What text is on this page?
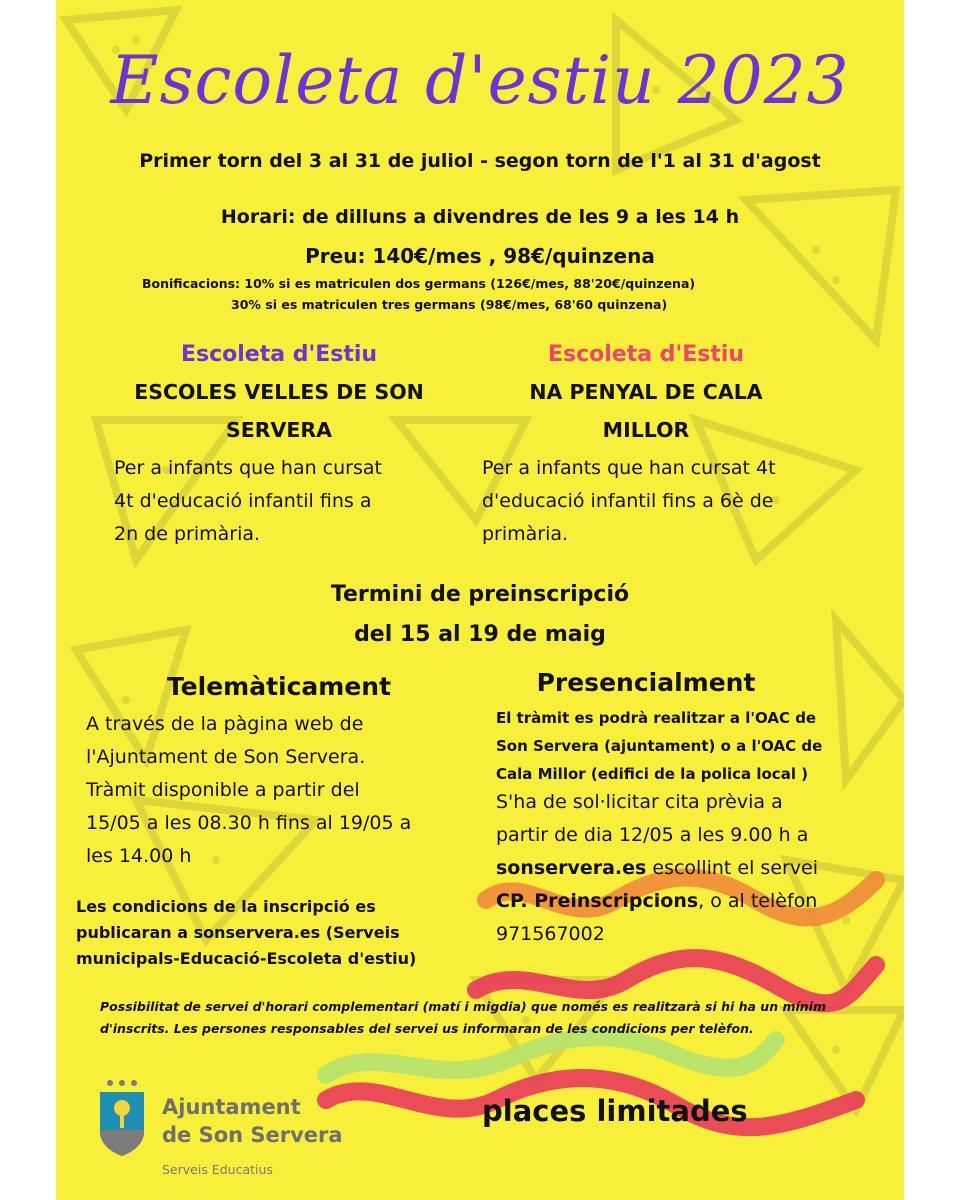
Escoleta d'estiu 2023
Primer torn del 3 al 31 de juliol - segon torn de l'1 al 31 d'agost
Horari: de dilluns a divendres de les 9 a les 14 h
Preu: 140€/mes , 98€/quinzena
Bonificacions: 10% si es matriculen dos germans (126€/mes, 88'20€/quinzena)
30% si es matriculen tres germans (98€/mes, 68'60 quinzena)
Escoleta d'Estiu
ESCOLES VELLES DE SON
SERVERA
Per a infants que han cursat
4t d'educació infantil fins a
2n de primària.
Escoleta d'Estiu
NA PENYAL DE CALA
MILLOR
Per a infants que han cursat 4t
d'educació infantil fins a 6è de
primària.
Termini de preinscripció
del 15 al 19 de maig
Telemàticament
A través de la pàgina web de
l'Ajuntament de Son Servera.
Tràmit disponible a partir del
15/05 a les 08.30 h fins al 19/05 a
les 14.00 h
Les condicions de la inscripció es
publicaran a sonservera.es (Serveis
municipals-Educació-Escoleta d'estiu)
Presencialment
El tràmit es podrà realitzar a l'OAC de
Son Servera (ajuntament) o a l'OAC de
Cala Millor (edifici de la polica local )
S'ha de sol·licitar cita prèvia a
partir de dia 12/05 a les 9.00 h a
sonservera.es escollint el servei
CP. Preinscripcions, o al telèfon
971567002
Possibilitat de servei d'horari complementari (matí i migdia) que només es realitzarà si hi ha un mínim
d'inscrits. Les persones responsables del servei us informaran de les condicions per telèfon.
Ajuntament
de Son Servera
Serveis Educatius
places limitades
